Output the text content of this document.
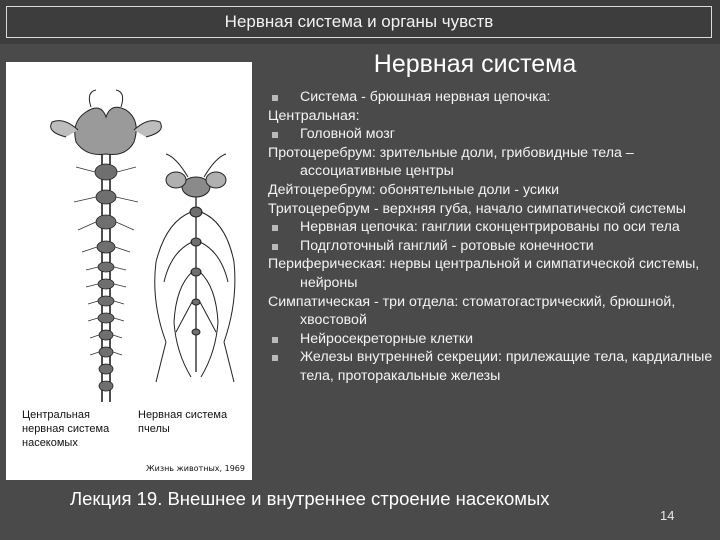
Нервная система и органы чувств
Нервная система
Центральная нервная система насекомых
Нервная система пчелы
Жизнь животных, 1969

Система - брюшная нервная цепочка:

Центральная:

Головной мозг

Протоцеребрум: зрительные доли, грибовидные тела – ассоциативные центры

Дейтоцеребрум: обонятельные доли - усики

Тритоцеребрум - верхняя губа, начало симпатической системы

Нервная цепочка: ганглии сконцентрированы по оси тела

Подглоточный ганглий - ротовые конечности

Периферическая: нервы центральной и симпатической системы, нейроны

Симпатическая - три отдела: стоматогастрический, брюшной, хвостовой

Нейросекреторные клетки

Железы внутренней секреции: прилежащие тела, кардиалные тела, проторакальные железы

Лекция 19. Внешнее и внутреннее строение насекомых
14
